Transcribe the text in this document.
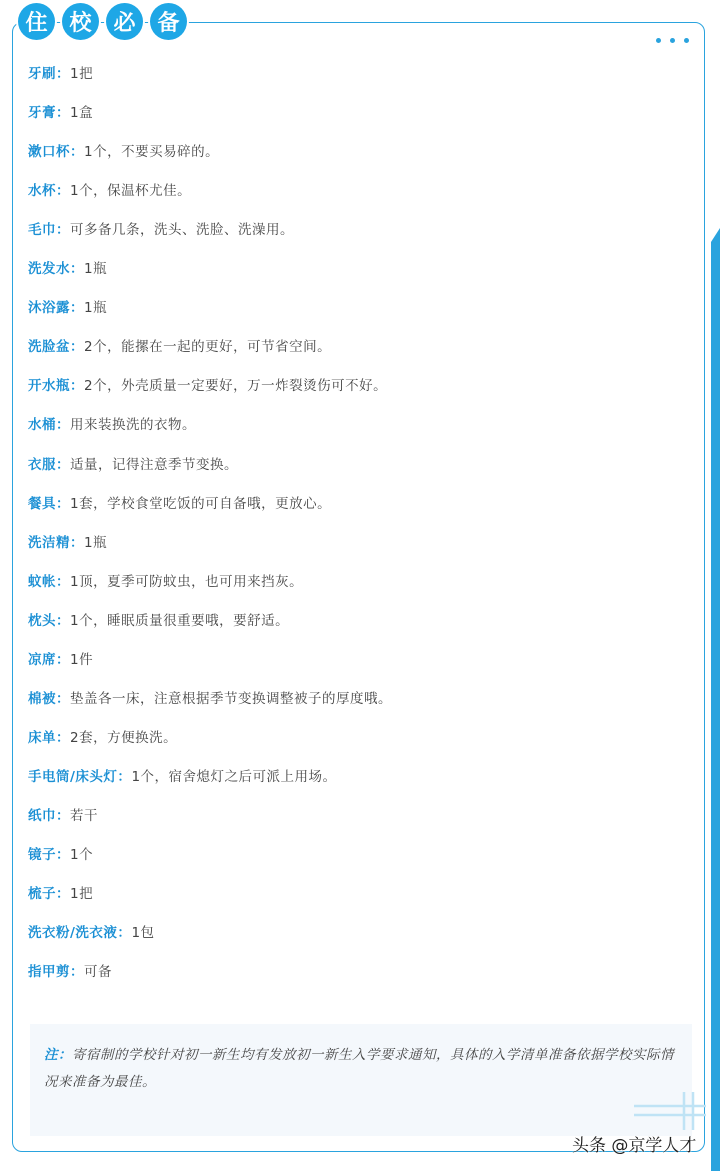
住 校 必 备
牙刷：1把
牙膏：1盒
漱口杯：1个，不要买易碎的。
水杯：1个，保温杯尤佳。
毛巾：可多备几条，洗头、洗脸、洗澡用。
洗发水：1瓶
沐浴露：1瓶
洗脸盆：2个，能摞在一起的更好，可节省空间。
开水瓶：2个，外壳质量一定要好，万一炸裂烫伤可不好。
水桶：用来装换洗的衣物。
衣服：适量，记得注意季节变换。
餐具：1套，学校食堂吃饭的可自备哦，更放心。
洗洁精：1瓶
蚊帐：1顶，夏季可防蚊虫，也可用来挡灰。
枕头：1个，睡眠质量很重要哦，要舒适。
凉席：1件
棉被：垫盖各一床，注意根据季节变换调整被子的厚度哦。
床单：2套，方便换洗。
手电筒/床头灯：1个，宿舍熄灯之后可派上用场。
纸巾：若干
镜子：1个
梳子：1把
洗衣粉/洗衣液：1包
指甲剪：可备
注：寄宿制的学校针对初一新生均有发放初一新生入学要求通知，具体的入学清单准备依据学校实际情况来准备为最佳。
头条 @京学人才
